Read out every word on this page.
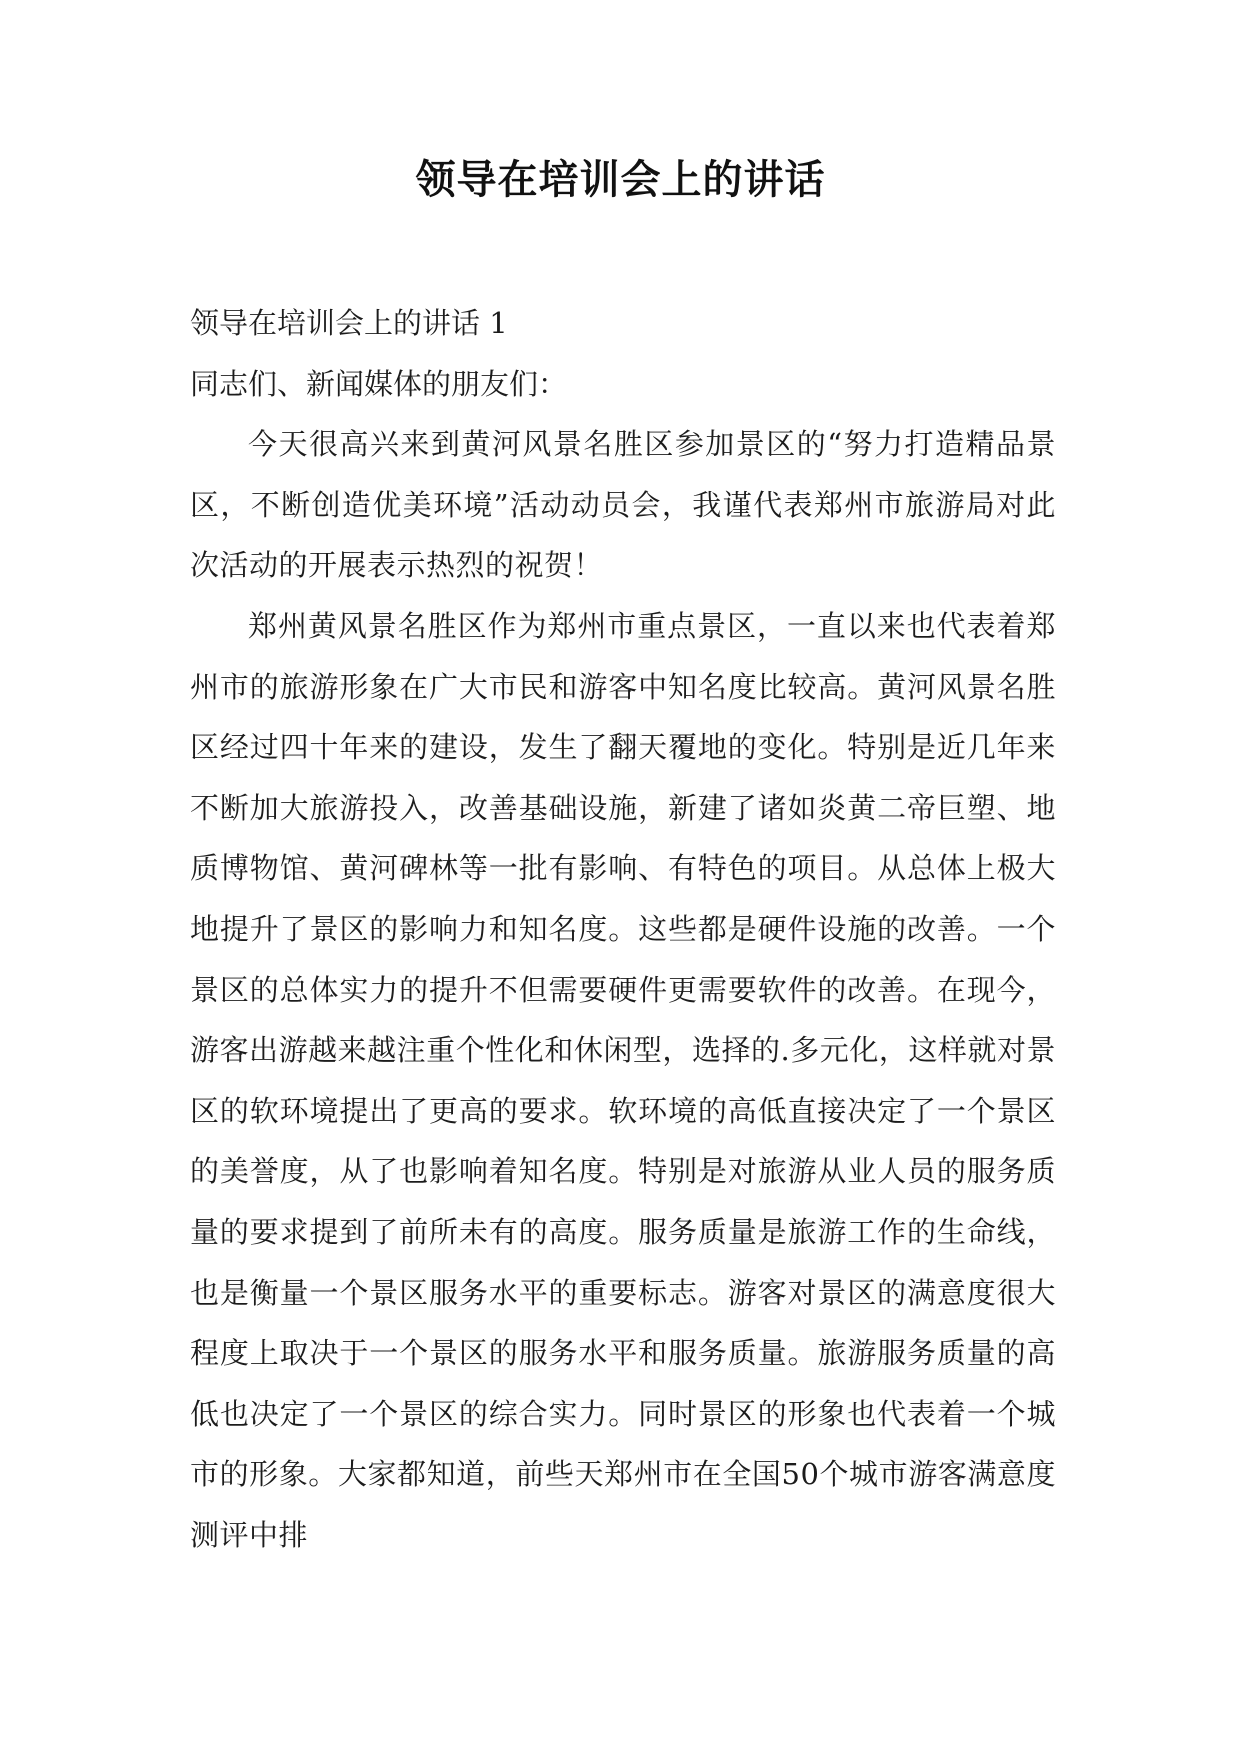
领导在培训会上的讲话

领导在培训会上的讲话 1

同志们、新闻媒体的朋友们：

今天很高兴来到黄河风景名胜区参加景区的“努力打造精品景区，不断创造优美环境”活动动员会，我谨代表郑州市旅游局对此次活动的开展表示热烈的祝贺！

郑州黄风景名胜区作为郑州市重点景区，一直以来也代表着郑州市的旅游形象在广大市民和游客中知名度比较高。黄河风景名胜区经过四十年来的建设，发生了翻天覆地的变化。特别是近几年来不断加大旅游投入，改善基础设施，新建了诸如炎黄二帝巨塑、地质博物馆、黄河碑林等一批有影响、有特色的项目。从总体上极大地提升了景区的影响力和知名度。这些都是硬件设施的改善。一个景区的总体实力的提升不但需要硬件更需要软件的改善。在现今，游客出游越来越注重个性化和休闲型，选择的.多元化，这样就对景区的软环境提出了更高的要求。软环境的高低直接决定了一个景区的美誉度，从了也影响着知名度。特别是对旅游从业人员的服务质量的要求提到了前所未有的高度。服务质量是旅游工作的生命线，也是衡量一个景区服务水平的重要标志。游客对景区的满意度很大程度上取决于一个景区的服务水平和服务质量。旅游服务质量的高低也决定了一个景区的综合实力。同时景区的形象也代表着一个城市的形象。大家都知道，前些天郑州市在全国50个城市游客满意度测评中排
